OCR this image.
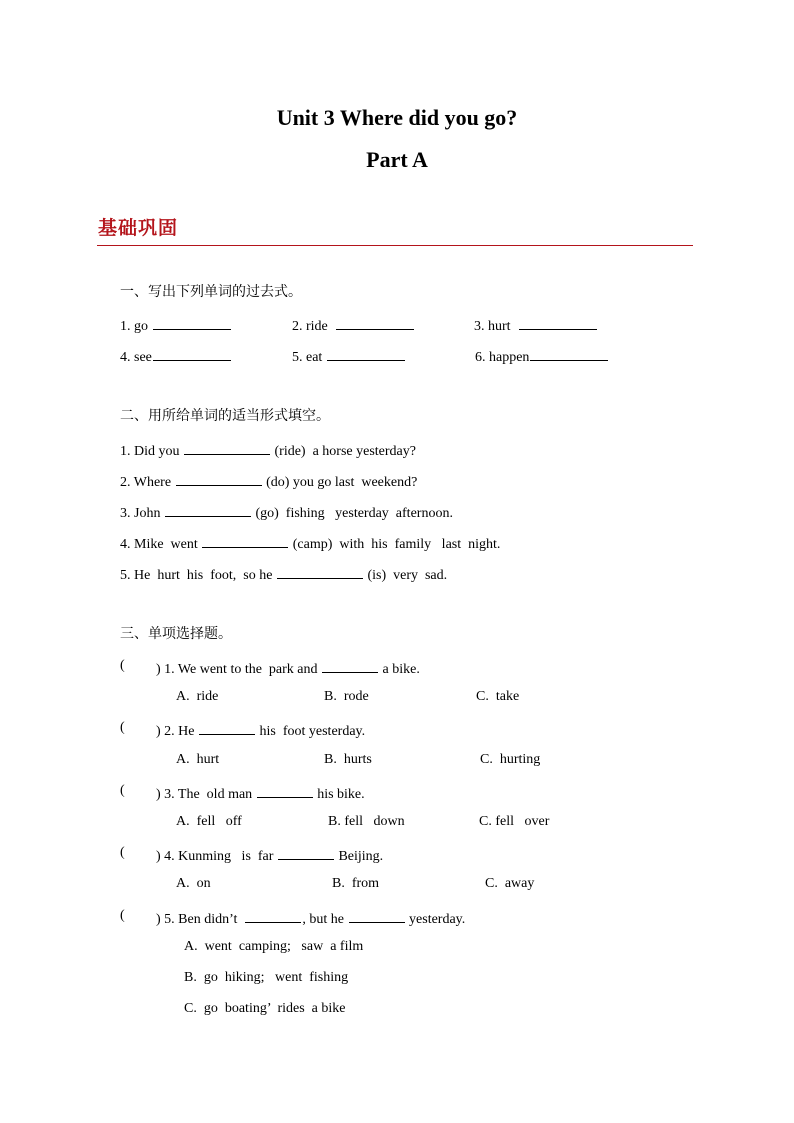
Unit 3 Where did you go?
Part A
基础巩固
一、写出下列单词的过去式。
1. go	2. ride	3. hurt
4. see	5. eat	6. happen
二、用所给单词的适当形式填空。
1. Did you	(ride)  a horse yesterday?
2. Where	(do) you go last  weekend?
3. John	(go)  fishing   yesterday  afternoon.
4. Mike  went	(camp)  with  his  family   last  night.
5. He  hurt  his  foot,  so he	(is)  very  sad.
三、单项选择题。
( ) 1. We went to the  park and	a bike.
A.  ride	B.  rode	C.  take
( ) 2. He	his  foot yesterday.
A.  hurt	B.  hurts	C.  hurting
( ) 3. The  old man	his bike.
A.  fell   off	B. fell   down	C. fell   over
( ) 4. Kunming   is  far	Beijing.
A.  on	B.  from	C.  away
( ) 5. Ben didn’t	, but he	yesterday.
A.  went  camping;   saw  a film
B.  go  hiking;   went  fishing
C.  go  boating’  rides  a bike
